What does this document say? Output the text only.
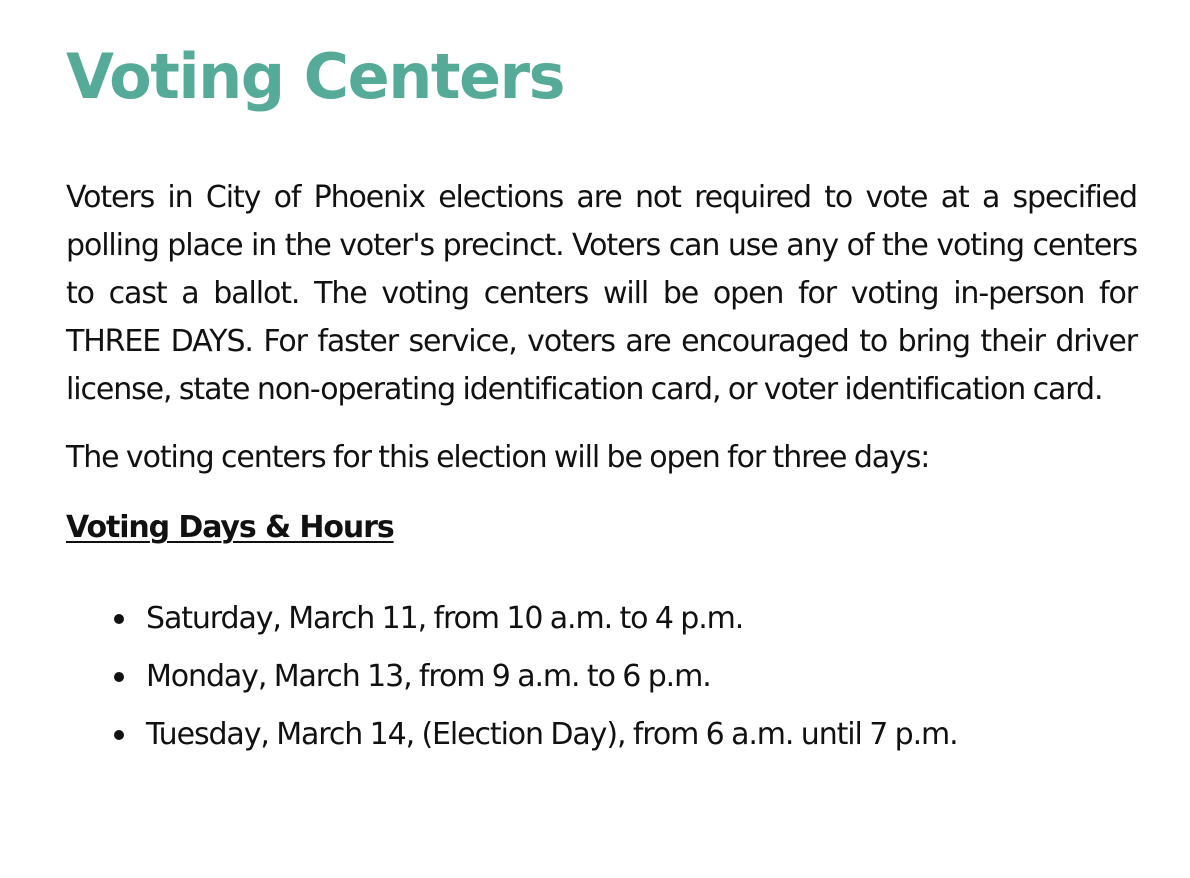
Voting Centers

Voters in City of Phoenix elections are not required to vote at a specified polling place in the voter's precinct. Voters can use any of the voting centers to cast a ballot. The voting centers will be open for voting in-person for THREE DAYS. For faster service, voters are encouraged to bring their driver license, state non-operating identification card, or voter identification card.

The voting centers for this election will be open for three days:

Voting Days & Hours
Saturday, March 11, from 10 a.m. to 4 p.m.
Monday, March 13, from 9 a.m. to 6 p.m.
Tuesday, March 14, (Election Day), from 6 a.m. until 7 p.m.
